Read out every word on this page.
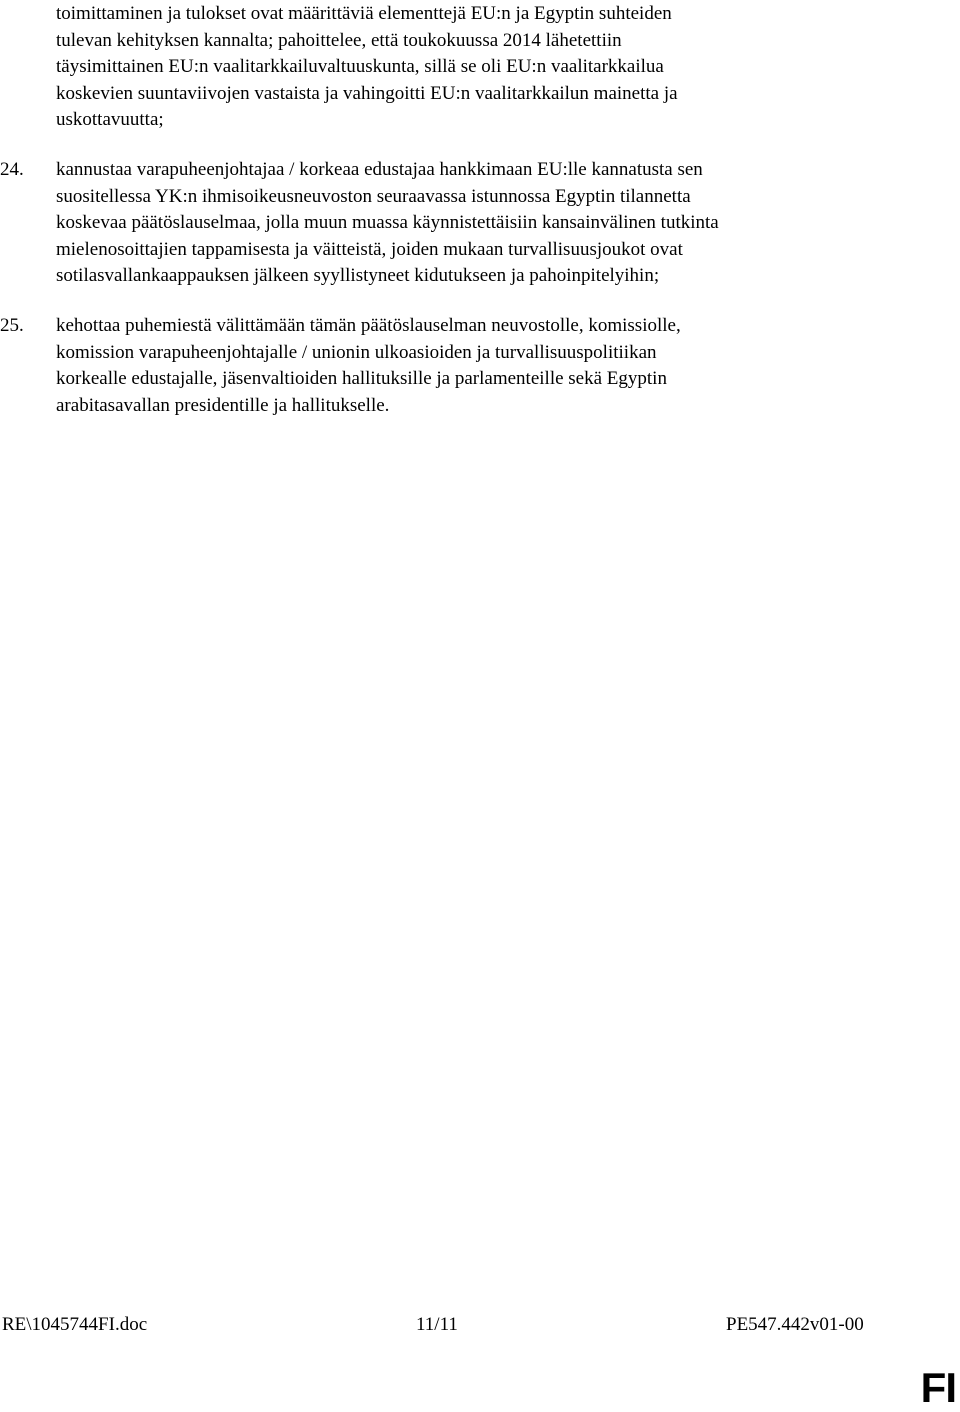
toimittaminen ja tulokset ovat määrittäviä elementtejä EU:n ja Egyptin suhteiden
tulevan kehityksen kannalta; pahoittelee, että toukokuussa 2014 lähetettiin
täysimittainen EU:n vaalitarkkailuvaltuuskunta, sillä se oli EU:n vaalitarkkailua
koskevien suuntaviivojen vastaista ja vahingoitti EU:n vaalitarkkailun mainetta ja
uskottavuutta;
24. kannustaa varapuheenjohtajaa / korkeaa edustajaa hankkimaan EU:lle kannatusta sen
suositellessa YK:n ihmisoikeusneuvoston seuraavassa istunnossa Egyptin tilannetta
koskevaa päätöslauselmaa, jolla muun muassa käynnistettäisiin kansainvälinen tutkinta
mielenosoittajien tappamisesta ja väitteistä, joiden mukaan turvallisuusjoukot ovat
sotilasvallankaappauksen jälkeen syyllistyneet kidutukseen ja pahoinpitelyihin;
25. kehottaa puhemiestä välittämään tämän päätöslauselman neuvostolle, komissiolle,
komission varapuheenjohtajalle / unionin ulkoasioiden ja turvallisuuspolitiikan
korkealle edustajalle, jäsenvaltioiden hallituksille ja parlamenteille sekä Egyptin
arabitasavallan presidentille ja hallitukselle.
RE\1045744FI.doc	11/11	PE547.442v01-00
FI
